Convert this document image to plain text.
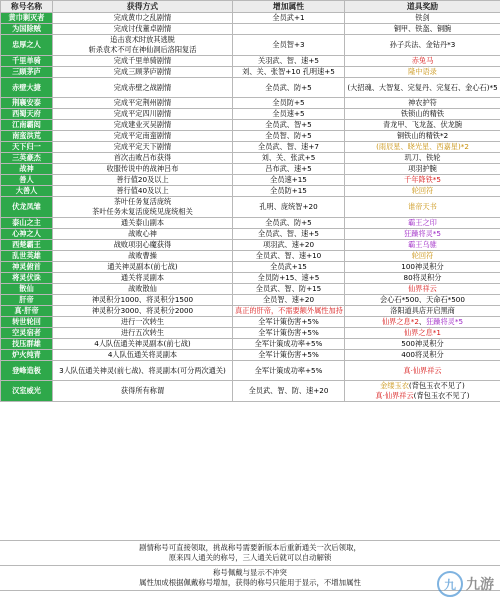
称号名称	获得方式	增加属性	道具奖励
黄巾剿灭者	完成黄巾之乱剧情	全员武+1	铁剑

为国除贼	完成讨伐董卓剧情		铜甲、铁盔、铜腕

忠厚之人	追击袁术时放其逃脱
斩杀袁术不可在神仙洞后洛阳复活	全员智+3	孙子兵法、金钻丹*3

千里单骑	完成千里单骑剧情	关羽武、智、速+5	赤兔马

三顾茅庐	完成三顾茅庐剧情	刘、关、张智+10 孔明速+5	隆中语录

赤壁大捷	完成赤壁之战剧情	全员武、防+5	(大招魂、大智复、完复丹、完复石、金心石)*5

荆襄安泰	完成平定荆州剧情	全员防+5	神农护符

西蜀天府	完成平定四川剧情	全员速+5	铁锁山的精铁

江南霸闳	完成建业灭吴剧情	全员武、智+5	青龙甲、飞龙盔、伏龙腕

南蛮洪荒	完成平定南蛮剧情	全员智、防+5	铜铁山的精铁*2

天下归一	完成平定天下剧情	全员武、智、速+7	(雨辰星、晓光星、西嘉星)*2

三英豪杰	首次击败吕布获得	刘、关、张武+5	玑刀、铁轮

战神	收服传说中的战神吕布	吕布武、速+5	项羽护腕

善人	善行值20及以上	全员速+15	千年降铁*5

大善人	善行值40及以上	全员防+15	轮回符

伏龙凤雏	茶叶任务复活庞统
茶叶任务未复活庞统见庞统相关	孔明、庞统智+20	谁帝天书

泰山之主	通关泰山副本	全员武、防+5	霸王之印

心神之人	战败心神	全员武、智、速+5	狂躁将灵*5

西楚霸王	战败项羽心魔获得	项羽武、速+20	霸王乌骓

乱世英雄	战败曹操	全员武、智、速+10	轮回符

神灵俯首	通关神灵副本(前七战)	全员武+15	100神灵积分

将灵伏诛	通关将灵副本	全员防+15、速+5	80将灵积分

散仙	战败散仙	全员武、智、防+15	仙界祥云

肝帝	神灵积分1000、将灵积分1500	全员智、速+20	会心石*500、天命石*500

真·肝帝	神灵积分3000、将灵积分2000	真正的肝帝，不需要额外属性加持	洛阳道具店开启黑商

转世轮回	进行一次转生	全军计策伤害+5%	仙界之息*2、狂躁将灵*5

空灵宿者	进行五次转生	全军计策伤害+5%	仙界之息*1

技压群雄	4人队伍通关神灵副本(前七战)	全军计策成功率+5%	500神灵积分

炉火纯青	4人队伍通关将灵副本	全军计策伤害+5%	400将灵积分

登峰造极	3人队伍通关神灵(前七战)、将灵副本(可分两次通关)	全军计策成功率+5%	真·仙界祥云

汉室威光	获得所有称谓	全员武、智、防、速+20	金缕玉衣(背包玉衣不见了)
真·仙界祥云(背包玉衣不见了)
剧情称号可直接领取，挑战称号需要新版本后重新通关一次后领取，
原来四人通关的称号，三人通关后就可以自动解锁
称号佩戴与显示不冲突
属性加成根据佩戴称号增加，获得的称号只能用于显示，不增加属性	九 九游
